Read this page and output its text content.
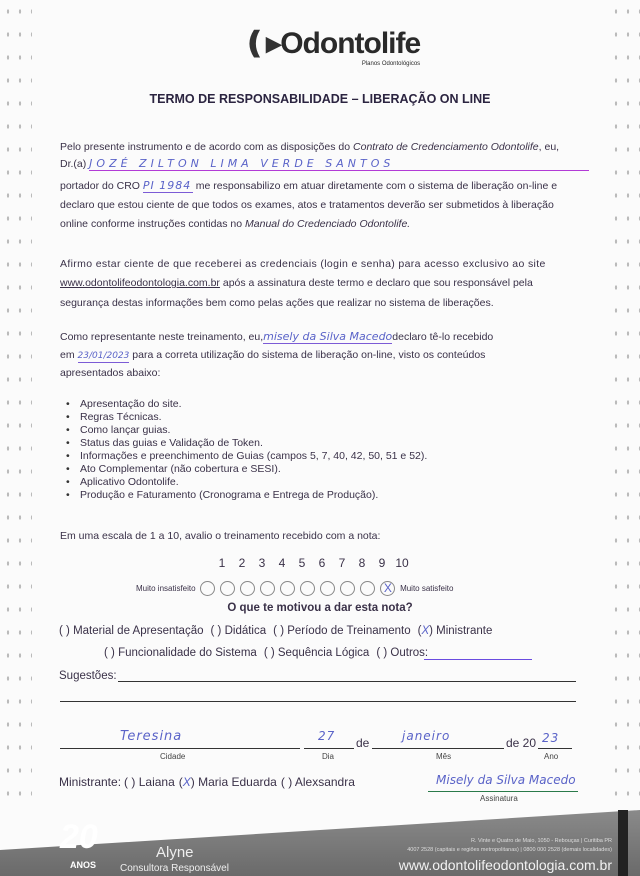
❪▸Odontolife
Planos Odontológicos
TERMO DE RESPONSABILIDADE – LIBERAÇÃO ON LINE
Pelo presente instrumento e de acordo com as disposições do Contrato de Credenciamento Odontolife, eu,
Dr.(a) JOZÉ ZILTON LIMA VERDE SANTOS
portador do CRO PI 1984 me responsabilizo em atuar diretamente com o sistema de liberação on-line e
declaro que estou ciente de que todos os exames, atos e tratamentos deverão ser submetidos à liberação
online conforme instruções contidas no Manual do Credenciado Odontolife.
Afirmo estar ciente de que receberei as credenciais (login e senha) para acesso exclusivo ao site
www.odontolifeodontologia.com.br após a assinatura deste termo e declaro que sou responsável pela
segurança destas informações bem como pelas ações que realizar no sistema de liberações.
Como representante neste treinamento, eu,misely da Silva Macedodeclaro tê-lo recebido
em 23/01/2023 para a correta utilização do sistema de liberação on-line, visto os conteúdos
apresentados abaixo:
• Apresentação do site.
• Regras Técnicas.
• Como lançar guias.
• Status das guias e Validação de Token.
• Informações e preenchimento de Guias (campos 5, 7, 40, 42, 50, 51 e 52).
• Ato Complementar (não cobertura e SESI).
• Aplicativo Odontolife.
• Produção e Faturamento (Cronograma e Entrega de Produção).
Em uma escala de 1 a 10, avalio o treinamento recebido com a nota:
1 2 3 4 5 6 7 8 9 10
Muito insatisfeito	X Muito satisfeito
O que te motivou a dar esta nota?
( ) Material de Apresentação ( ) Didática ( ) Período de Treinamento (X) Ministrante
( ) Funcionalidade do Sistema ( ) Sequência Lógica ( ) Outros:
Sugestões:
Teresina	27 de	janeiro	de 20 23
Cidade	Dia	Mês	Ano
Ministrante: ( ) Laiana (X) Maria Eduarda ( ) Alexsandra	Misely da Silva Macedo
Assinatura
20
ANOS
Alyne
Consultora Responsável
R. Vinte e Quatro de Maio, 1050 - Rebouças | Curitiba PR
4007 2528 (capitais e regiões metropolitanas) | 0800 000 2528 (demais localidades)
www.odontolifeodontologia.com.br
